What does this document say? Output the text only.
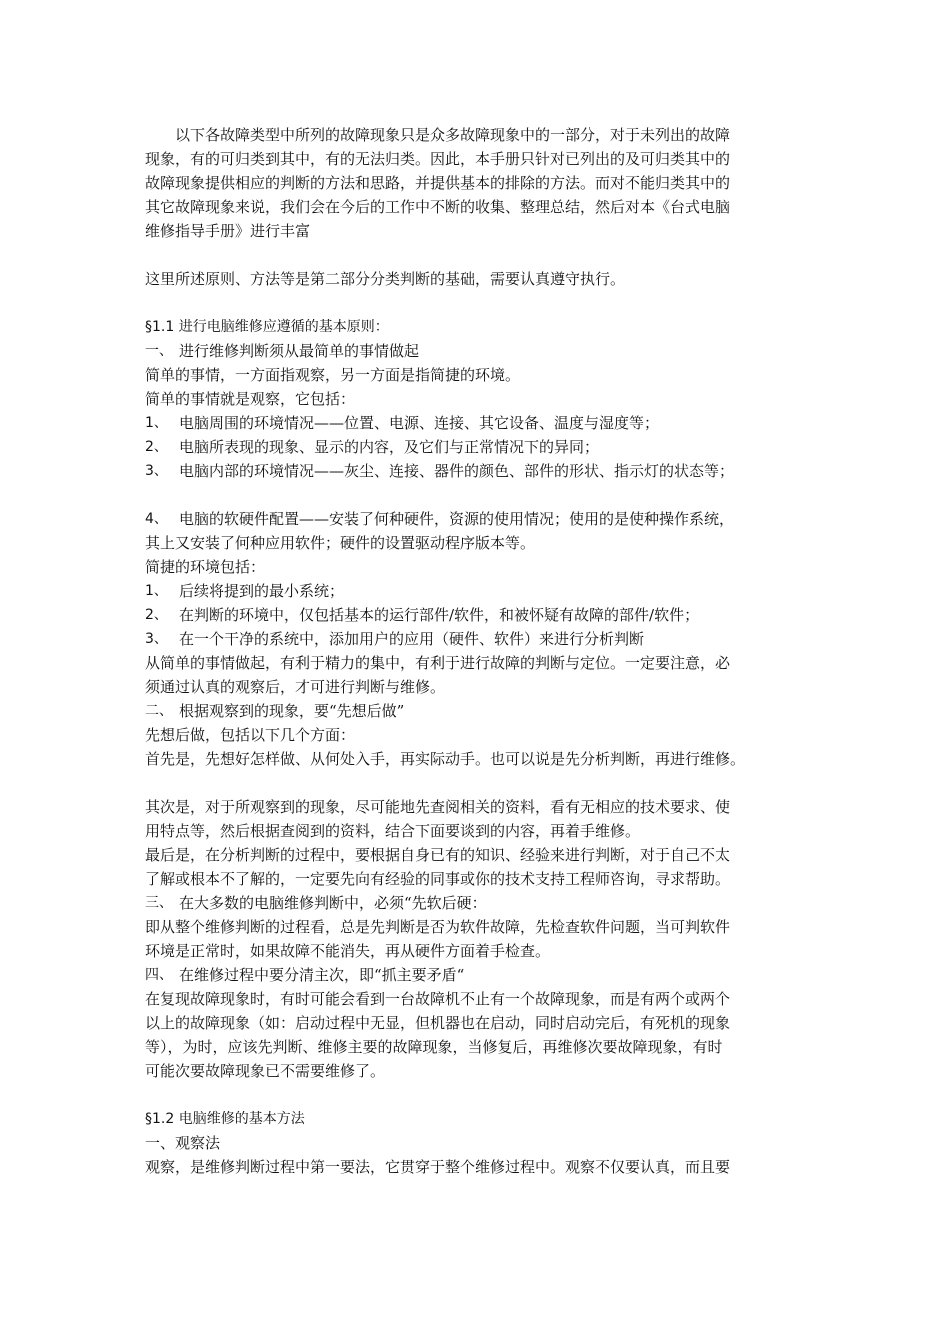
以下各故障类型中所列的故障现象只是众多故障现象中的一部分，对于未列出的故障
现象，有的可归类到其中，有的无法归类。因此，本手册只针对已列出的及可归类其中的
故障现象提供相应的判断的方法和思路，并提供基本的排除的方法。而对不能归类其中的
其它故障现象来说，我们会在今后的工作中不断的收集、整理总结，然后对本《台式电脑
维修指导手册》进行丰富
这里所述原则、方法等是第二部分分类判断的基础，需要认真遵守执行。
§1.1 进行电脑维修应遵循的基本原则：
一、 进行维修判断须从最简单的事情做起
简单的事情，一方面指观察，另一方面是指简捷的环境。
简单的事情就是观察，它包括：
1、 电脑周围的环境情况——位置、电源、连接、其它设备、温度与湿度等；
2、 电脑所表现的现象、显示的内容，及它们与正常情况下的异同；
3、 电脑内部的环境情况——灰尘、连接、器件的颜色、部件的形状、指示灯的状态等；
4、 电脑的软硬件配置——安装了何种硬件，资源的使用情况；使用的是使种操作系统，
其上又安装了何种应用软件；硬件的设置驱动程序版本等。
简捷的环境包括：
1、 后续将提到的最小系统；
2、 在判断的环境中，仅包括基本的运行部件/软件，和被怀疑有故障的部件/软件；
3、 在一个干净的系统中，添加用户的应用（硬件、软件）来进行分析判断
从简单的事情做起，有利于精力的集中，有利于进行故障的判断与定位。一定要注意，必
须通过认真的观察后，才可进行判断与维修。
二、 根据观察到的现象，要“先想后做”
先想后做，包括以下几个方面：
首先是，先想好怎样做、从何处入手，再实际动手。也可以说是先分析判断，再进行维修。
其次是，对于所观察到的现象，尽可能地先查阅相关的资料，看有无相应的技术要求、使
用特点等，然后根据查阅到的资料，结合下面要谈到的内容，再着手维修。
最后是，在分析判断的过程中，要根据自身已有的知识、经验来进行判断，对于自己不太
了解或根本不了解的，一定要先向有经验的同事或你的技术支持工程师咨询，寻求帮助。
三、 在大多数的电脑维修判断中，必须“先软后硬：
即从整个维修判断的过程看，总是先判断是否为软件故障，先检查软件问题，当可判软件
环境是正常时，如果故障不能消失，再从硬件方面着手检查。
四、 在维修过程中要分清主次，即“抓主要矛盾“
在复现故障现象时，有时可能会看到一台故障机不止有一个故障现象，而是有两个或两个
以上的故障现象（如：启动过程中无显，但机器也在启动，同时启动完后，有死机的现象
等），为时，应该先判断、维修主要的故障现象，当修复后，再维修次要故障现象，有时
可能次要故障现象已不需要维修了。
§1.2 电脑维修的基本方法
一、观察法
观察，是维修判断过程中第一要法，它贯穿于整个维修过程中。观察不仅要认真，而且要
